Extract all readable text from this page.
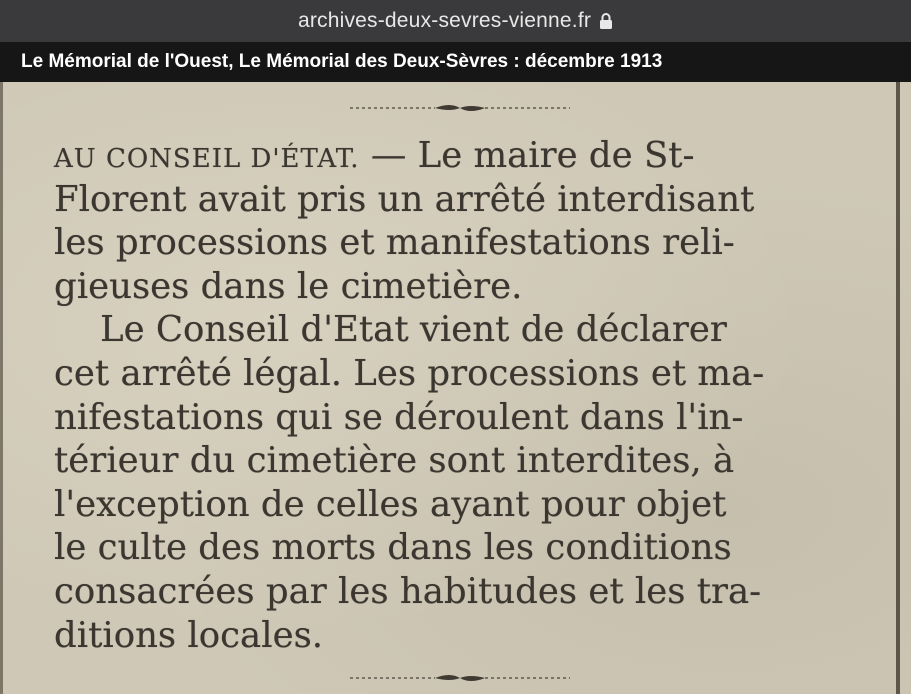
archives-deux-sevres-vienne.fr
Le Mémorial de l'Ouest, Le Mémorial des Deux-Sèvres : décembre 1913
AU CONSEIL D'ÉTAT. — Le maire de St-
Florent avait pris un arrêté interdisant
les processions et manifestations reli-
gieuses dans le cimetière.
Le Conseil d'Etat vient de déclarer
cet arrêté légal. Les processions et ma-
nifestations qui se déroulent dans l'in-
térieur du cimetière sont interdites, à
l'exception de celles ayant pour objet
le culte des morts dans les conditions
consacrées par les habitudes et les tra-
ditions locales.
